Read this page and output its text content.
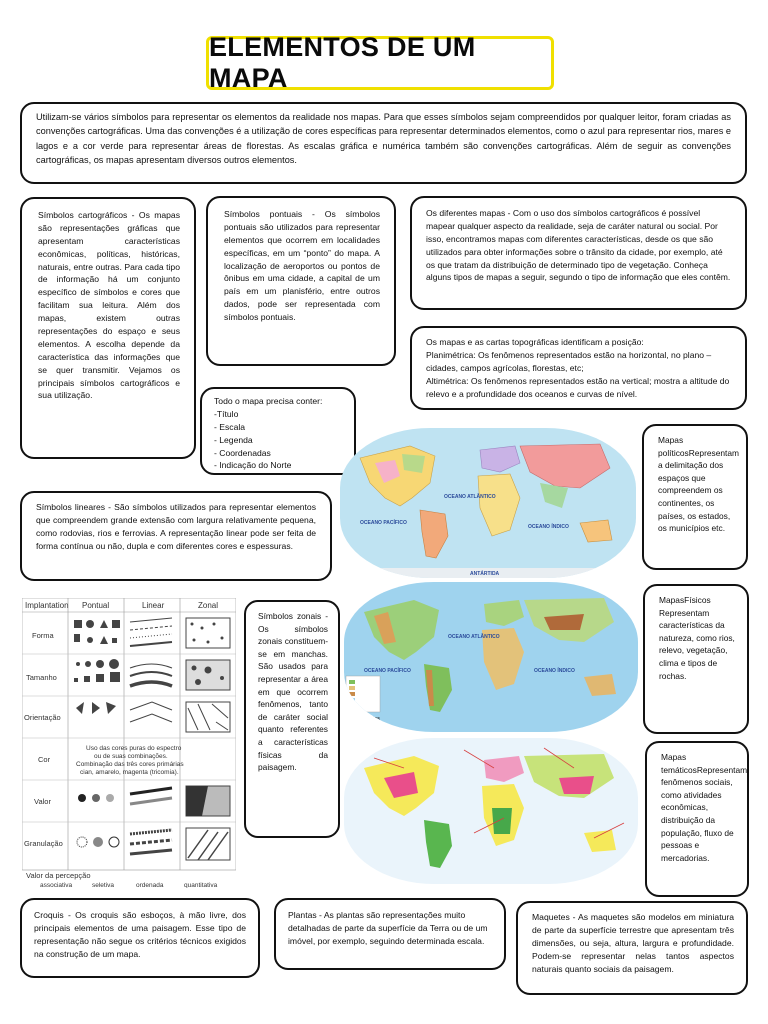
ELEMENTOS DE UM MAPA
Utilizam-se vários símbolos para representar os elementos da realidade nos mapas. Para que esses símbolos sejam compreendidos por qualquer leitor, foram criadas as convenções cartográficas. Uma das convenções é a utilização de cores específicas para representar determinados elementos, como o azul para representar rios, mares e lagos e a cor verde para representar áreas de florestas. As escalas gráfica e numérica também são convenções cartográficas. Além de seguir as convenções cartográficas, os mapas apresentam diversos outros elementos.
Símbolos cartográficos - Os mapas são representações gráficas que apresentam características econômicas, políticas, históricas, naturais, entre outras. Para cada tipo de informação há um conjunto específico de símbolos e cores que facilitam sua leitura. Além dos mapas, existem outras representações do espaço e seus elementos. A escolha depende da característica das informações que se quer transmitir. Vejamos os principais símbolos cartográficos e sua utilização.
Símbolos pontuais - Os símbolos pontuais são utilizados para representar elementos que ocorrem em localidades específicas, em um “ponto” do mapa. A localização de aeroportos ou pontos de ônibus em uma cidade, a capital de um país em um planisfério, entre outros dados, pode ser representada com símbolos pontuais.
Os diferentes mapas - Com o uso dos símbolos cartográficos é possível mapear qualquer aspecto da realidade, seja de caráter natural ou social. Por isso, encontramos mapas com diferentes características, desde os que são utilizados para obter informações sobre o trânsito da cidade, por exemplo, até os que tratam da distribuição de determinado tipo de vegetação. Conheça alguns tipos de mapas a seguir, segundo o tipo de informação que eles contêm.
Os mapas e as cartas topográficas identificam a posição:
Planimétrica: Os fenômenos representados estão na horizontal, no plano – cidades, campos agrícolas, florestas, etc;
Altimétrica: Os fenômenos representados estão na vertical; mostra a altitude do relevo e a profundidade dos oceanos e curvas de nível.
Todo o mapa precisa conter:
-Título
- Escala
- Legenda
- Coordenadas
- Indicação do Norte
Símbolos lineares - São símbolos utilizados para representar elementos que compreendem grande extensão com largura relativamente pequena, como rodovias, rios e ferrovias. A representação linear pode ser feita de forma contínua ou não, dupla e com diferentes cores e espessuras.
OCEANO PACÍFICO
OCEANO ATLÂNTICO
OCEANO ÍNDICO
ANTÁRTIDA
OCEANO PACÍFICO
OCEANO ATLÂNTICO
OCEANO ÍNDICO
Escala Tintas
Mapas políticosRepresentam a delimitação dos espaços que compreendem os continentes, os países, os estados, os municípios etc.
MapasFísicos Representam características da natureza, como rios, relevo, vegetação, clima e tipos de rochas.
Mapas temáticosRepresentam fenômenos sociais, como atividades econômicas, distribuição da população, fluxo de pessoas e mercadorias.
Símbolos zonais - Os símbolos zonais constituem-se em manchas. São usados para representar a área em que ocorrem fenômenos, tanto de caráter social quanto referentes a características físicas da paisagem.
Implantation Pontual	Linear	Zonal
Forma
Tamanho
Orientação
Cor
Valor
Granulação
Uso das cores puras do espectro
ou de suas combinações.
Combinação das três cores primárias
cian, amarelo, magenta (tricomia).
Valor da percepção
associativa	seletiva	ordenada	quantitativa
Croquis - Os croquis são esboços, à mão livre, dos principais elementos de uma paisagem. Esse tipo de representação não segue os critérios técnicos exigidos na construção de um mapa.
Plantas - As plantas são representações muito detalhadas de parte da superfície da Terra ou de um imóvel, por exemplo, seguindo determinada escala.
Maquetes - As maquetes são modelos em miniatura de parte da superfície terrestre que apresentam três dimensões, ou seja, altura, largura e profundidade. Podem-se representar nelas tantos aspectos naturais quanto sociais da paisagem.
